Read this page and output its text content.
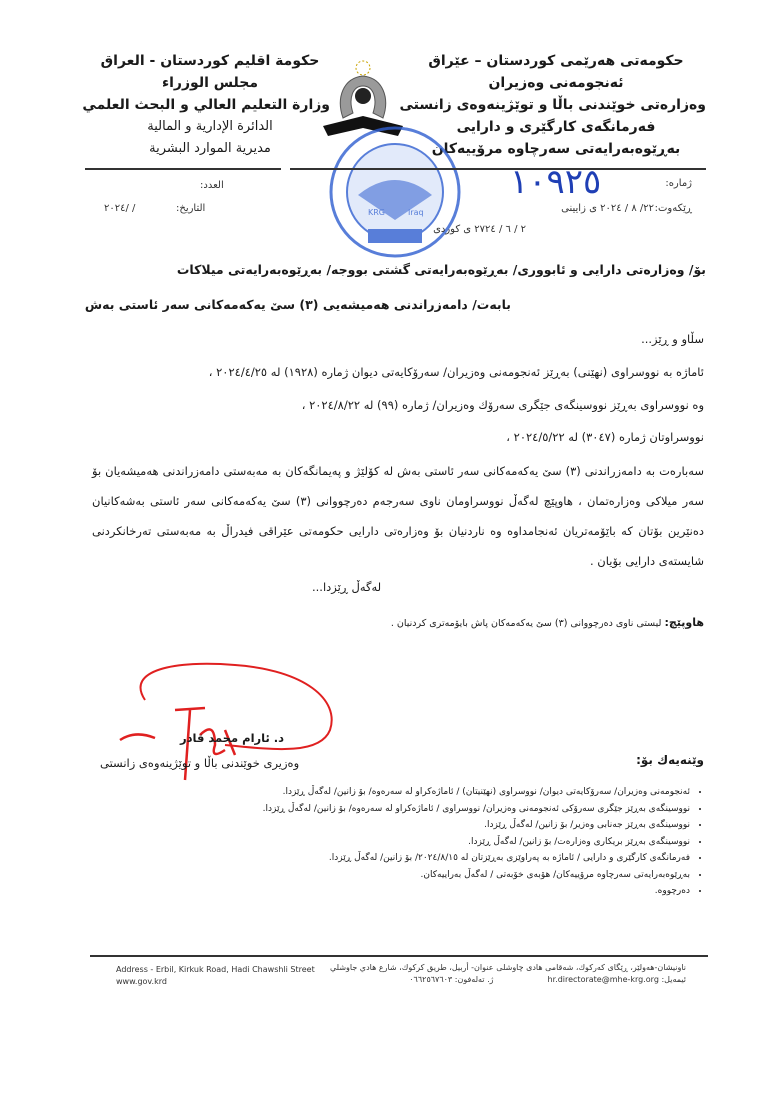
حكومەتی هەرێمی كوردستان – عێراق
ئەنجومەنی وەزیران
وەزارەتی خوێندنی باڵا و توێژینەوەی زانستی
فەرمانگەی كارگێری و دارایی
بەڕێوەبەرایەتی سەرچاوە مرۆییەكان
حكومة اقليم كوردستان - العراق
مجلس الوزراء
وزارة التعليم العالي و البحث العلمي
الدائرة الإدارية و المالية
مديرية الموارد البشرية
KRG	Iraq
ژمارە:
١٠٩٢٥
ڕێكەوت:
٢٢/ ٨ / ٢٠٢٤ ی زایینی
٢ / ٦ / ٢٧٢٤ ی كوردی
العدد:
التاريخ:
/ /٢٠٢٤
بۆ/ وەزارەتی دارایی و ئابووری/ بەڕێوەبەرایەتی گشتی بووجە/ بەڕێوەبەرایەتی میلاكات
بابەت/ دامەزراندنی هەمیشەیی (٣) سێ یەكەمەكانی سەر ئاستی بەش
سڵاو و ڕێز...
ئاماژە بە نووسراوی (نهێنی) بەڕێز ئەنجومەنی وەزیران/ سەرۆكایەتی دیوان ژمارە (١٩٢٨) لە ٢٠٢٤/٤/٢٥ ،
وە نووسراوی بەڕێز نووسینگەی جێگری سەرۆك وەزیران/ ژمارە (٩٩) لە ٢٠٢٤/٨/٢٢ ،
نووسراوتان ژمارە (٣٠٤٧) لە ٢٠٢٤/٥/٢٢ ،
سەبارەت بە دامەزراندنی (٣) سێ یەكەمەكانی سەر ئاستی بەش لە كۆلێژ و پەیمانگەكان بە مەبەستی دامەزراندنی هەمیشەیان بۆ سەر میلاكی وەزارەتمان ، هاوپێچ لەگەڵ نووسراومان ناوی سەرجەم دەرچووانی (٣) سێ یەكەمەكانی سەر ئاستی بەشەكانیان دەنێرین بۆتان كە باێۆمەتریان ئەنجامداوە وە ناردنیان بۆ وەزارەتی دارایی حكومەتی عێراقی فیدراڵ بە مەبەستی تەرخانكردنی شایستەی دارایی بۆیان .
لەگەڵ ڕێزدا...
هاوپێچ: لیستی ناوی دەرچووانی (٣) سێ یەكەمەكان پاش بایۆمەتری كردنیان .
د. ئارام محمد قادر
وەزیری خوێندنی باڵا و توێژینەوەی زانستی	وێنەیەك بۆ:
• ئەنجومەنی وەزیران/ سەرۆكایەتی دیوان/ نووسراوی (نهێنیتان) / ئاماژەكراو لە سەرەوە/ بۆ زانین/ لەگەڵ ڕێزدا.
• نووسینگەی بەڕێز جێگری سەرۆكی ئەنجومەنی وەزیران/ نووسراوی / ئاماژەكراو لە سەرەوە/ بۆ زانین/ لەگەڵ ڕێزدا.
• نووسینگەی بەڕێز جەنابی وەزیر/ بۆ زانین/ لەگەڵ ڕێزدا.
• نووسینگەی بەڕێز بریكاری وەزارەت/ بۆ زانین/ لەگەڵ ڕێزدا.
• فەرمانگەی كارگێری و دارایی / ئاماژە بە پەراوێزی بەڕێزتان لە ٢٠٢٤/٨/١٥/ بۆ زانین/ لەگەڵ ڕێزدا.
• بەڕێوەبەرایەتی سەرچاوە مرۆییەكان/ هۆبەی خۆبەتی / لەگەڵ بەراییەكان.
• دەرچووە.
ناونیشان-هەولێر، ڕێگای كەركوك، شەقامی هادی چاوشلی
ئیمەیل: hr.directorate@mhe-krg.org
عنوان- أربيل، طريق كركوك، شارع هادي جاوشلي
ژ. تەلەفون: ٠٦٦٢٥٦٧٦٠٣
Address - Erbil, Kirkuk Road, Hadi Chawshli Street
www.gov.krd
